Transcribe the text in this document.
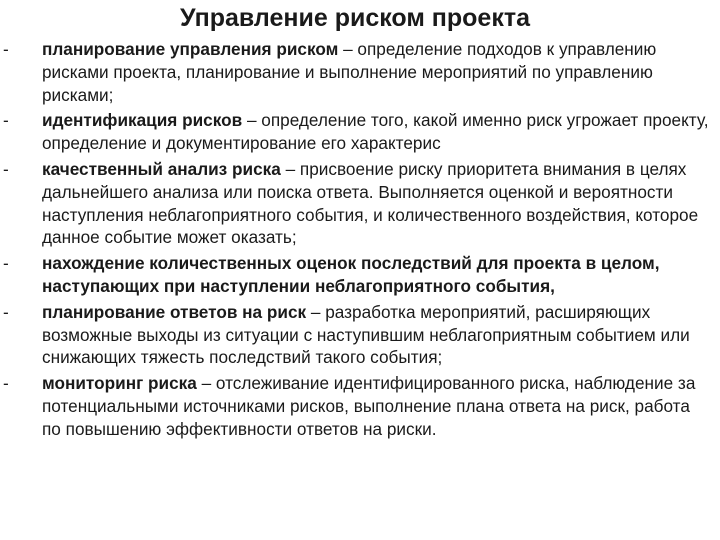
Управление риском проекта
- планирование управления риском – определение подходов к управлению рисками проекта, планирование и выполнение мероприятий по управлению рисками;
- идентификация рисков – определение того, какой именно риск угрожает проекту, определение и документирование его характерис
- качественный анализ риска – присвоение риску приоритета внимания в целях дальнейшего анализа или поиска ответа. Выполняется оценкой и вероятности наступления неблагоприятного события, и количественного воздействия, которое данное событие может оказать;
- нахождение количественных оценок последствий для проекта в целом, наступающих при наступлении неблагоприятного события,
- планирование ответов на риск – разработка мероприятий, расширяющих возможные выходы из ситуации с наступившим неблагоприятным событием или снижающих тяжесть последствий такого события;
- мониторинг риска – отслеживание идентифицированного риска, наблюдение за потенциальными источниками рисков, выполнение плана ответа на риск, работа по повышению эффективности ответов на риски.
